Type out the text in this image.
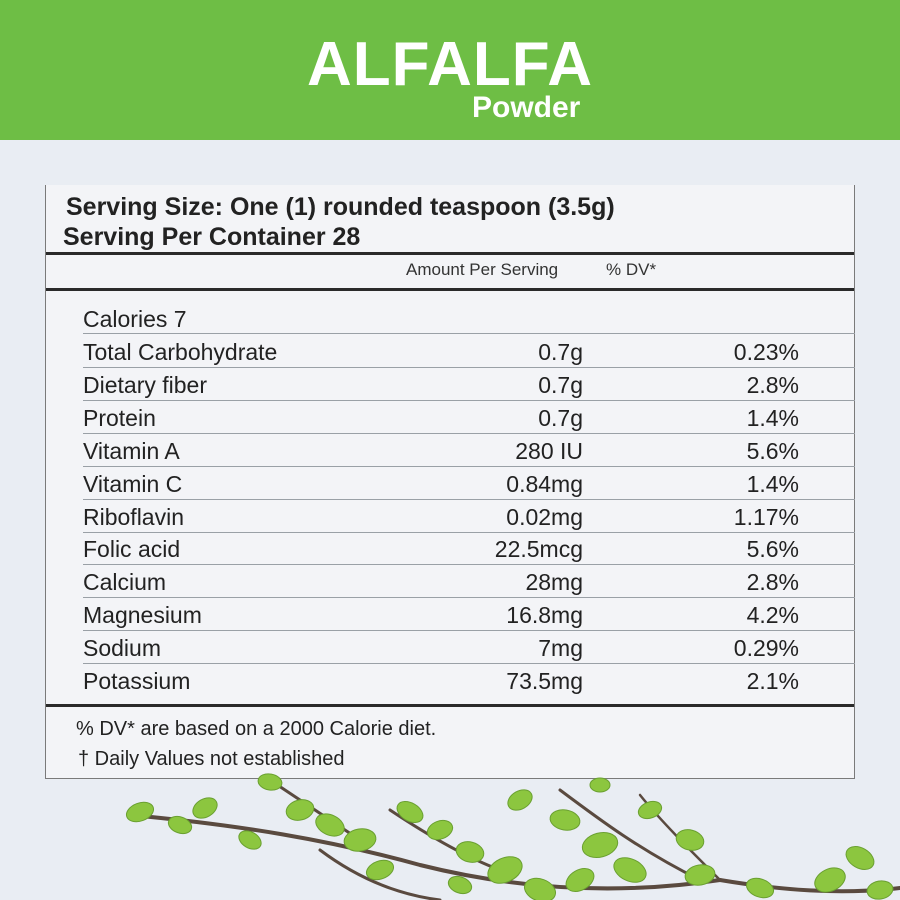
ALFALFA
Powder
Serving Size: One (1) rounded teaspoon (3.5g)
Serving Per Container 28
Amount Per Serving	% DV*
Calories 7
% DV* are based on a 2000 Calorie diet.
† Daily Values not established
Total Carbohydrate	0.7g	0.23%
Dietary fiber	0.7g	2.8%
Protein	0.7g	1.4%
Vitamin A	280 IU	5.6%
Vitamin C	0.84mg	1.4%
Riboflavin	0.02mg	1.17%
Folic acid	22.5mcg	5.6%
Calcium	28mg	2.8%
Magnesium	16.8mg	4.2%
Sodium	7mg	0.29%
Potassium	73.5mg	2.1%
